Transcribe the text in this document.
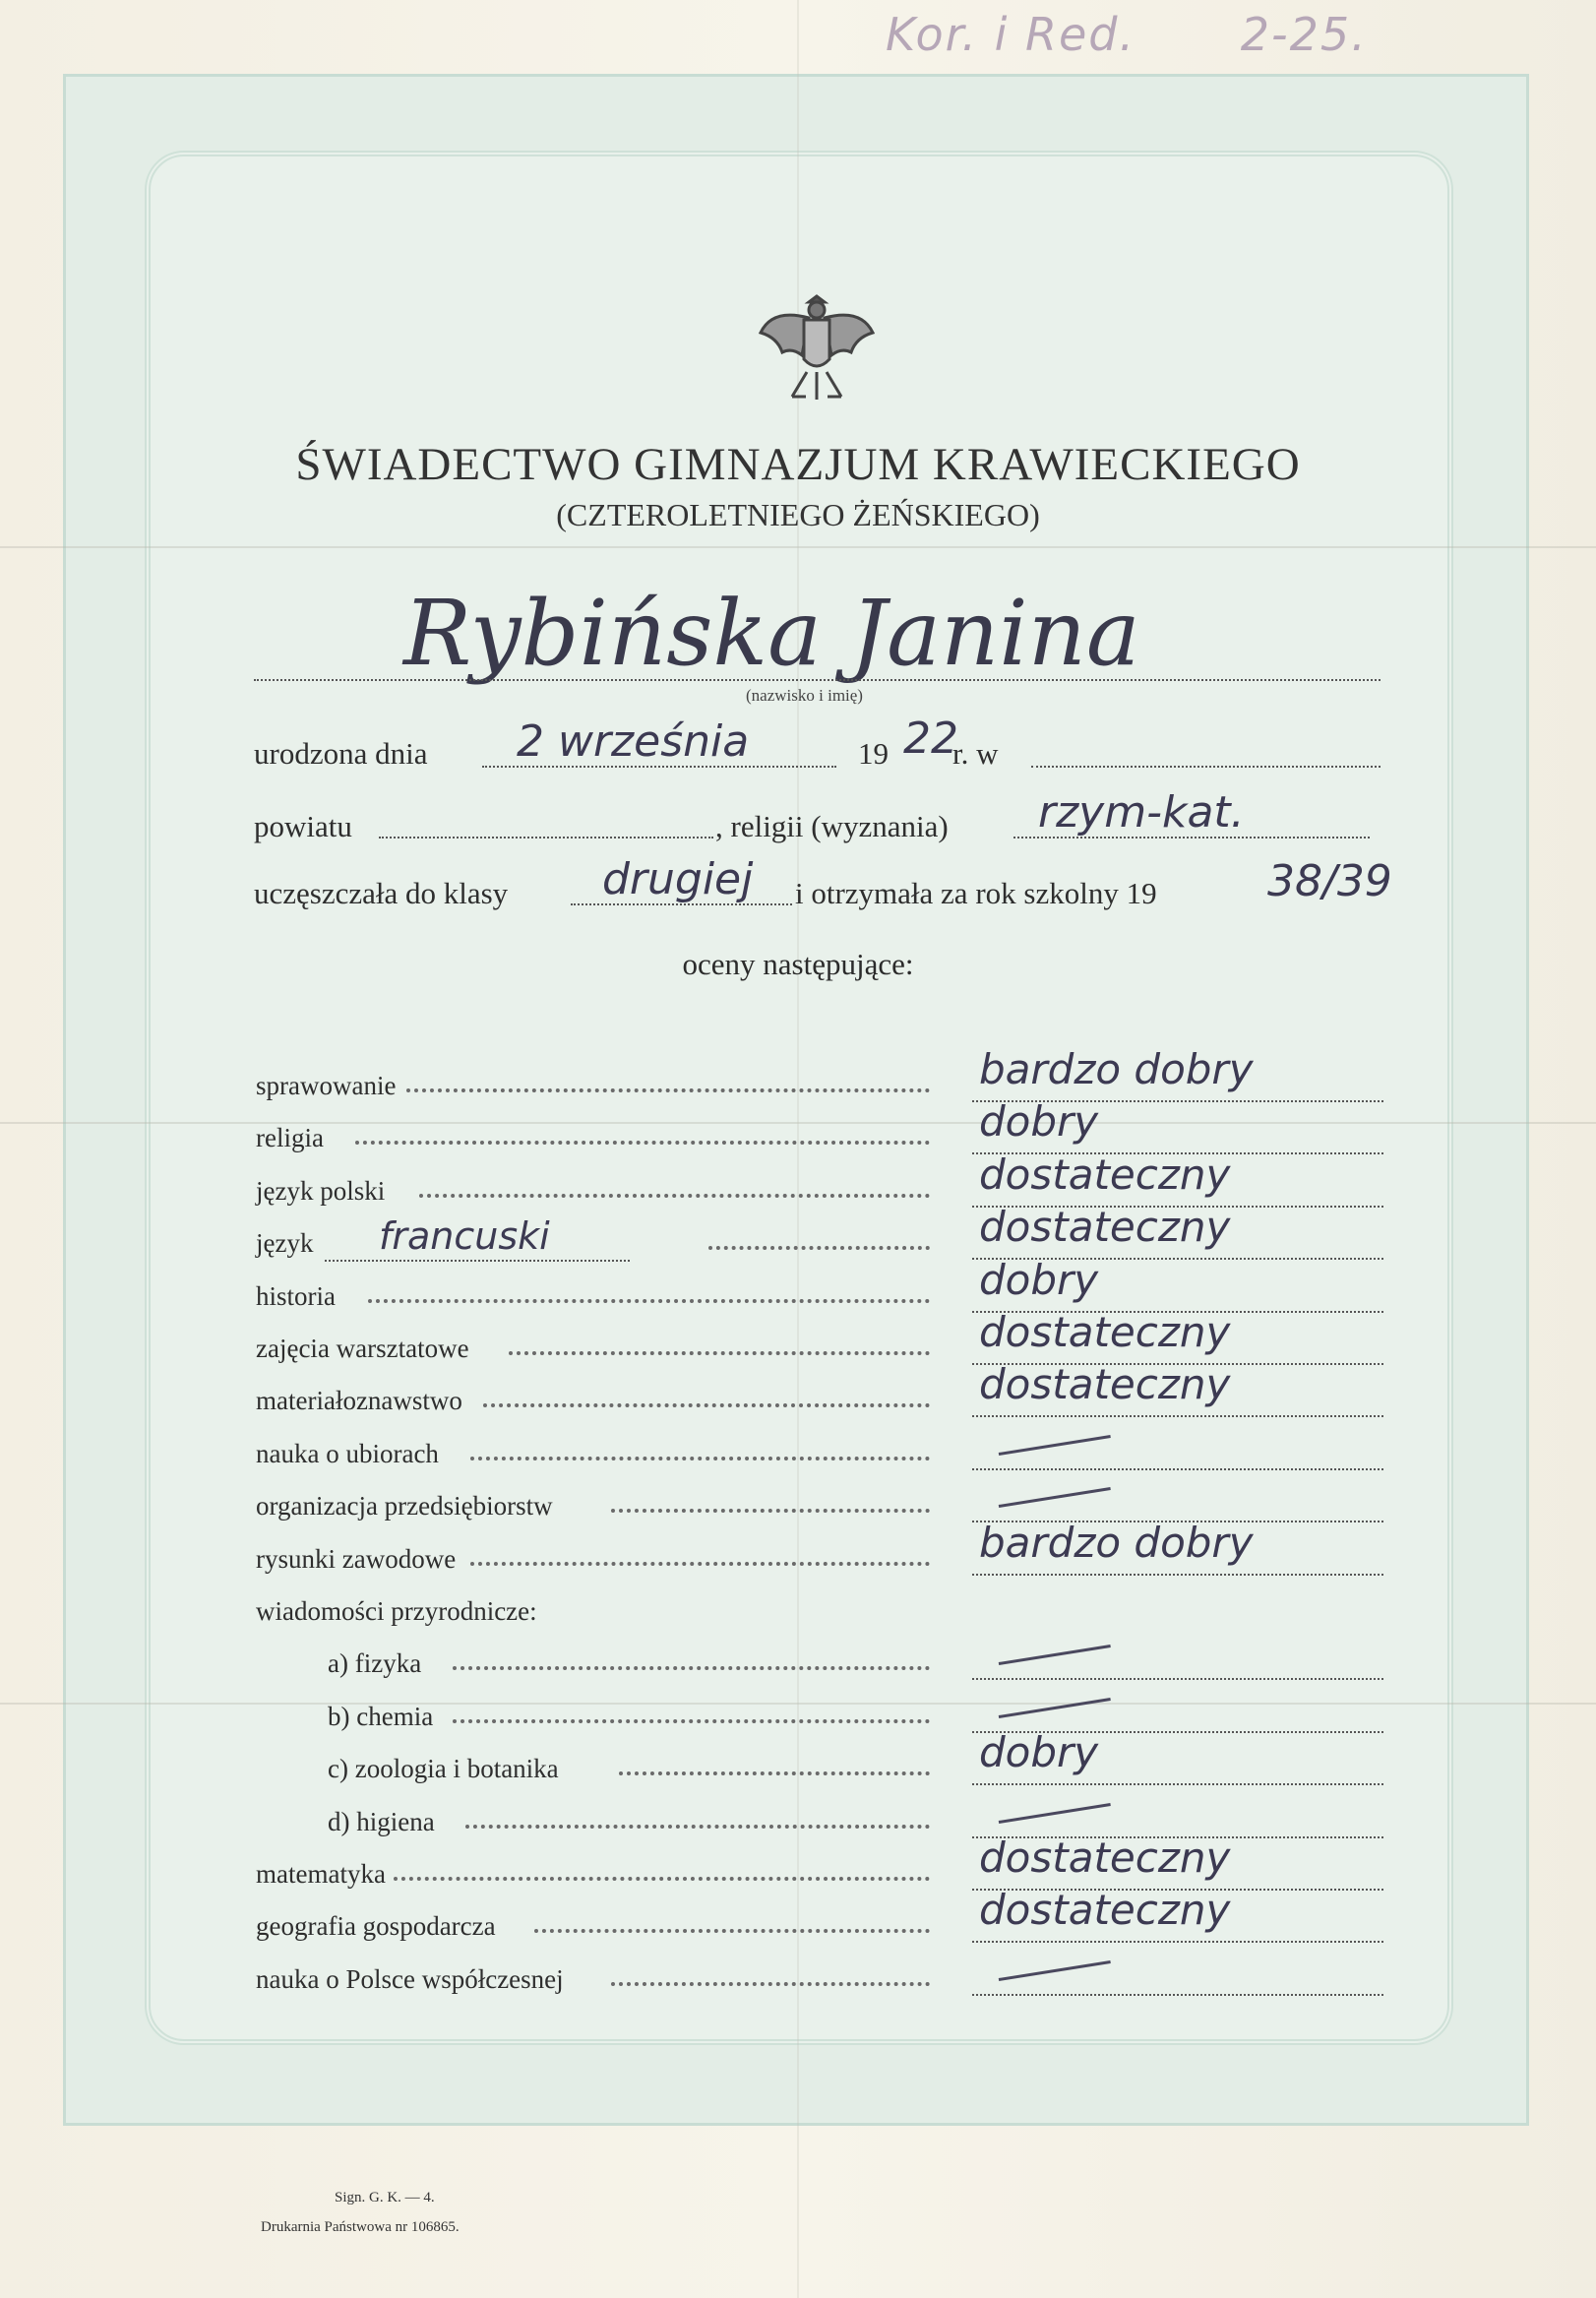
Kor. i Red. 2-25.
ŚWIADECTWO GIMNAZJUM KRAWIECKIEGO
(CZTEROLETNIEGO ŻEŃSKIEGO)
Rybińska Janina
(nazwisko i imię)
urodzona dnia 2 września	19 22
r. w
powiatu	, religii (wyznania) rzym-kat.
uczęszczała do klasy drugiej i otrzymała za rok szkolny 19	38/39
oceny następujące:
sprawowanie	bardzo dobry
religia	dobry
język polski	dostateczny
język francuski	dostateczny
historia	dobry
zajęcia warsztatowe	dostateczny
materiałoznawstwo	dostateczny
nauka o ubiorach
organizacja przedsiębiorstw
rysunki zawodowe	bardzo dobry
wiadomości przyrodnicze:
a) fizyka
b) chemia
c) zoologia i botanika	dobry
d) higiena
matematyka	dostateczny
geografia gospodarcza	dostateczny
nauka o Polsce współczesnej
Sign. G. K. — 4.
Drukarnia Państwowa nr 106865.
